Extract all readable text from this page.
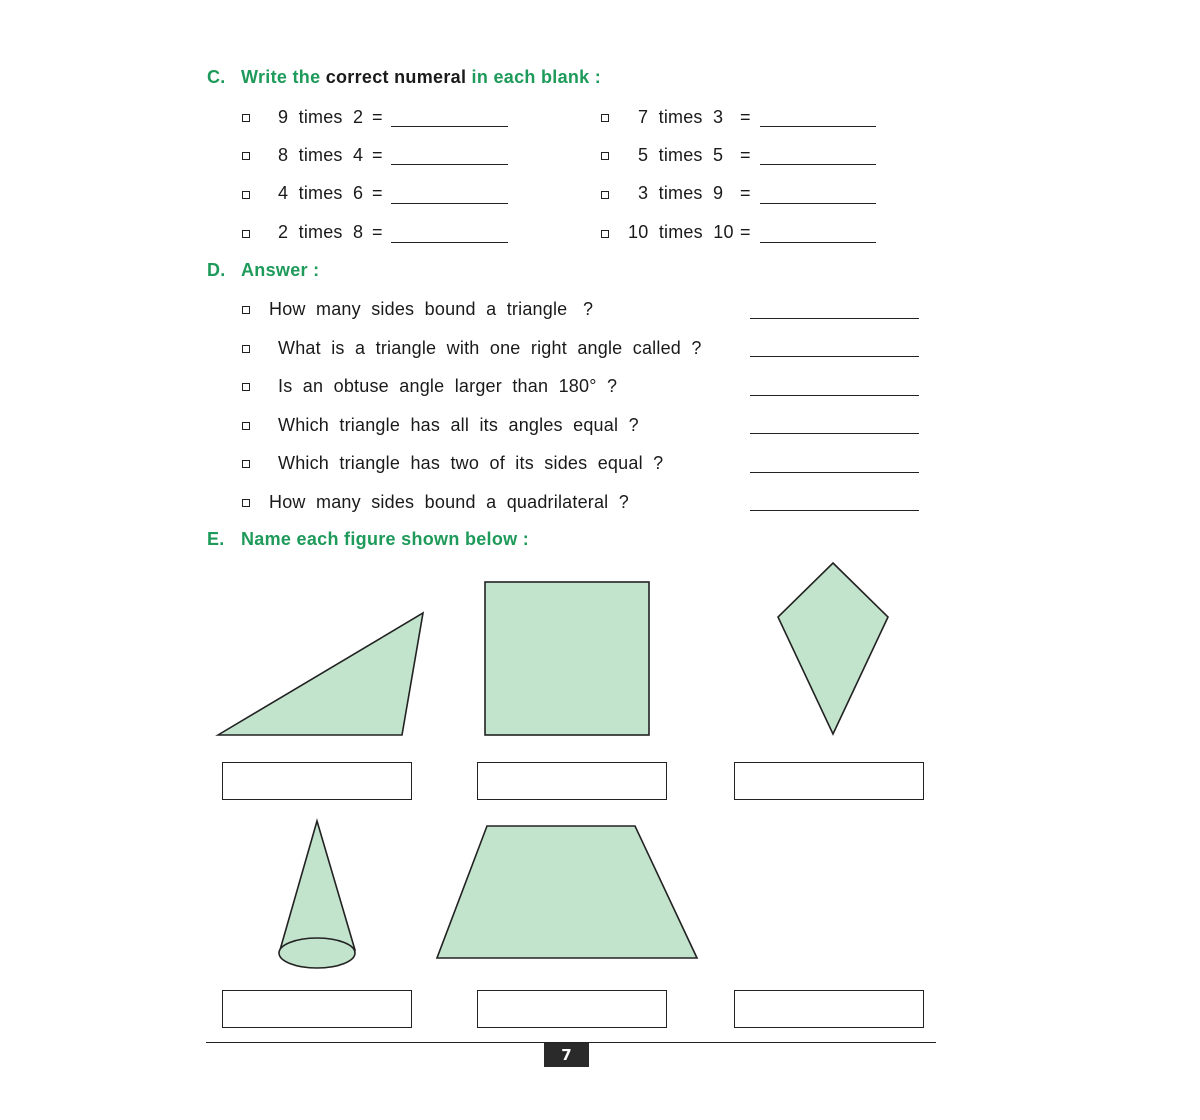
C. Write the correct numeral in each blank :
9  times  2 =	7  times  3 =
8  times  4 =	5  times  5 =
4  times  6 =	3  times  9 =
2  times  8 =	10  times  10 =
D. Answer :
How  many  sides  bound  a  triangle   ?
What  is  a  triangle  with  one  right  angle  called  ?
Is  an  obtuse  angle  larger  than  180°  ?
Which  triangle  has  all  its  angles  equal  ?
Which  triangle  has  two  of  its  sides  equal  ?
How  many  sides  bound  a  quadrilateral  ?
E. Name each figure shown below :
7
